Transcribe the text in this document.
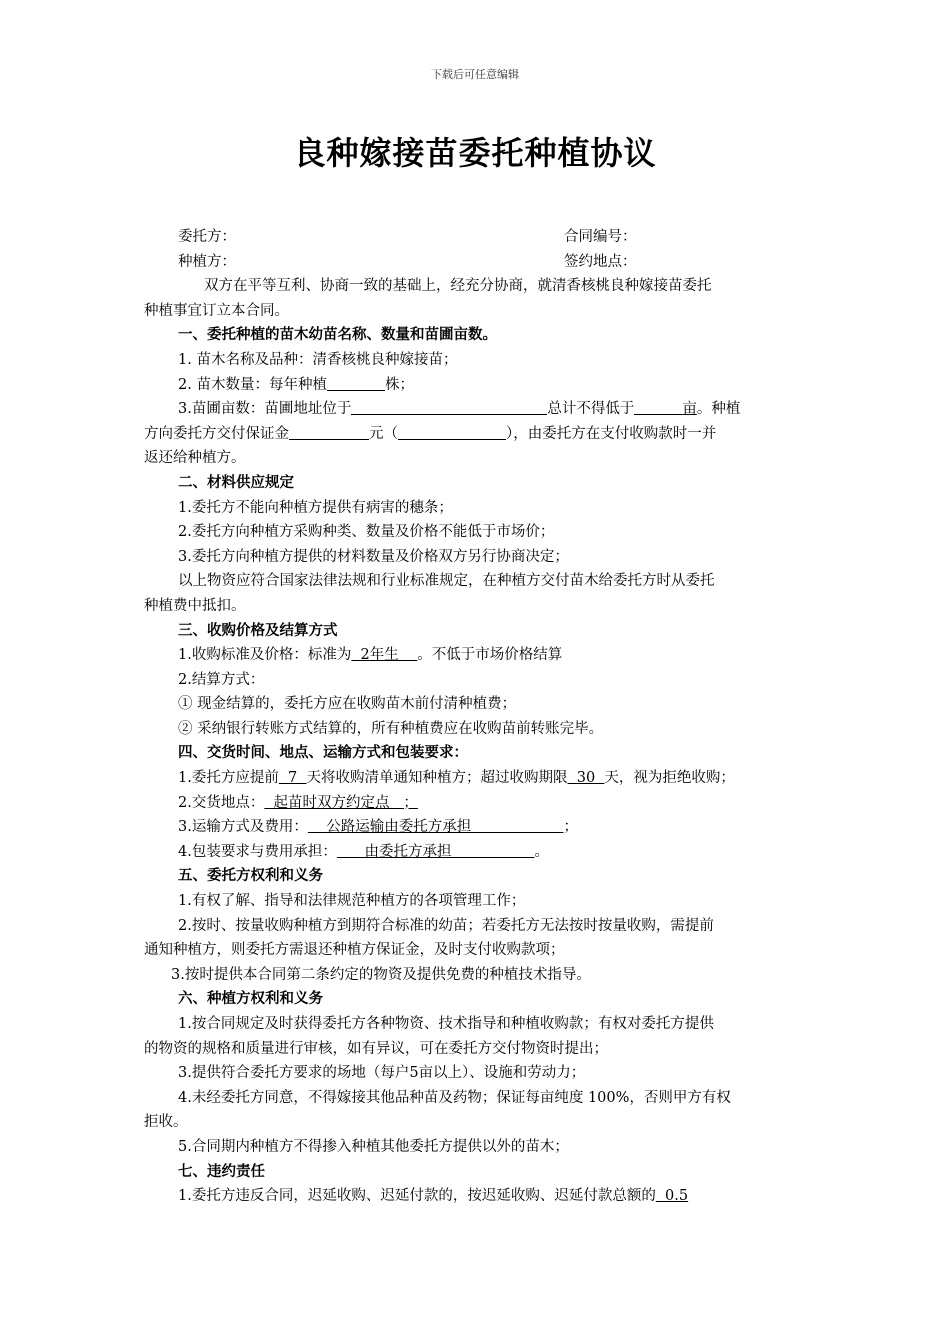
下载后可任意编辑
良种嫁接苗委托种植协议
委托方：	合同编号：
种植方：	签约地点：
双方在平等互利、协商一致的基础上，经充分协商，就清香核桃良种嫁接苗委托
种植事宜订立本合同。
一、委托种植的苗木幼苗名称、数量和苗圃亩数。
1. 苗木名称及品种：清香核桃良种嫁接苗；
2. 苗木数量：每年种植	株；
3.苗圃亩数：苗圃地址位于	总计不得低于	亩。种植
方向委托方交付保证金	元（	），由委托方在支付收购款时一并
返还给种植方。
二、材料供应规定
1.委托方不能向种植方提供有病害的穗条；
2.委托方向种植方采购种类、数量及价格不能低于市场价；
3.委托方向种植方提供的材料数量及价格双方另行协商决定；
以上物资应符合国家法律法规和行业标准规定，在种植方交付苗木给委托方时从委托
种植费中抵扣。
三、收购价格及结算方式
1.收购标准及价格：标准为  2年生    。不低于市场价格结算
2.结算方式：
① 现金结算的，委托方应在收购苗木前付清种植费；
② 采纳银行转账方式结算的，所有种植费应在收购苗前转账完毕。
四、交货时间、地点、运输方式和包装要求：
1.委托方应提前  7  天将收购清单通知种植方；超过收购期限  30  天，视为拒绝收购；
2.交货地点：  起苗时双方约定点   ；
3.运输方式及费用：    公路运输由委托方承担                    ；
4.包装要求与费用承担：      由委托方承担                  。
五、委托方权利和义务
1.有权了解、指导和法律规范种植方的各项管理工作；
2.按时、按量收购种植方到期符合标准的幼苗；若委托方无法按时按量收购，需提前
通知种植方，则委托方需退还种植方保证金，及时支付收购款项；
3.按时提供本合同第二条约定的物资及提供免费的种植技术指导。
六、种植方权利和义务
1.按合同规定及时获得委托方各种物资、技术指导和种植收购款；有权对委托方提供
的物资的规格和质量进行审核，如有异议，可在委托方交付物资时提出；
3.提供符合委托方要求的场地（每户5亩以上）、设施和劳动力；
4.未经委托方同意，不得嫁接其他品种苗及药物；保证每亩纯度 100%，否则甲方有权
拒收。
5.合同期内种植方不得掺入种植其他委托方提供以外的苗木；
七、违约责任
1.委托方违反合同，迟延收购、迟延付款的，按迟延收购、迟延付款总额的  0.5
